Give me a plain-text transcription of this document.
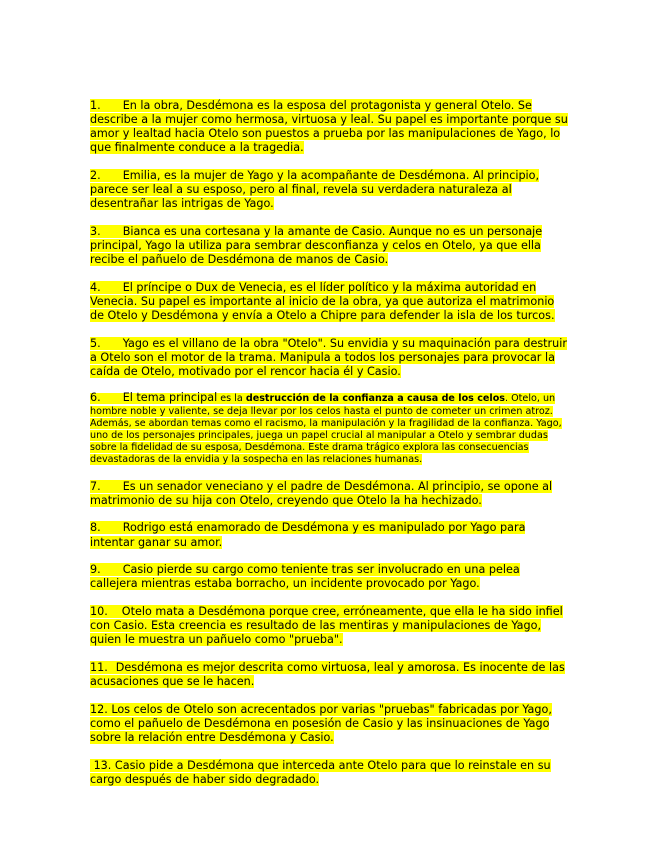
1. En la obra, Desdémona es la esposa del protagonista y general Otelo. Se describe a la mujer como hermosa, virtuosa y leal. Su papel es importante porque su amor y lealtad hacia Otelo son puestos a prueba por las manipulaciones de Yago, lo que finalmente conduce a la tragedia.

2. Emilia, es la mujer de Yago y la acompañante de Desdémona. Al principio, parece ser leal a su esposo, pero al final, revela su verdadera naturaleza al desentrañar las intrigas de Yago.

3. Bianca es una cortesana y la amante de Casio. Aunque no es un personaje principal, Yago la utiliza para sembrar desconfianza y celos en Otelo, ya que ella recibe el pañuelo de Desdémona de manos de Casio.

4. El príncipe o Dux de Venecia, es el líder político y la máxima autoridad en Venecia. Su papel es importante al inicio de la obra, ya que autoriza el matrimonio de Otelo y Desdémona y envía a Otelo a Chipre para defender la isla de los turcos.

5. Yago es el villano de la obra "Otelo". Su envidia y su maquinación para destruir a Otelo son el motor de la trama. Manipula a todos los personajes para provocar la caída de Otelo, motivado por el rencor hacia él y Casio.

6. El tema principal es la destrucción de la confianza a causa de los celos. Otelo, un hombre noble y valiente, se deja llevar por los celos hasta el punto de cometer un crimen atroz. Además, se abordan temas como el racismo, la manipulación y la fragilidad de la confianza. Yago, uno de los personajes principales, juega un papel crucial al manipular a Otelo y sembrar dudas sobre la fidelidad de su esposa, Desdémona. Este drama trágico explora las consecuencias devastadoras de la envidia y la sospecha en las relaciones humanas.

7. Es un senador veneciano y el padre de Desdémona. Al principio, se opone al matrimonio de su hija con Otelo, creyendo que Otelo la ha hechizado.

8. Rodrigo está enamorado de Desdémona y es manipulado por Yago para intentar ganar su amor.

9. Casio pierde su cargo como teniente tras ser involucrado en una pelea callejera mientras estaba borracho, un incidente provocado por Yago.

10. Otelo mata a Desdémona porque cree, erróneamente, que ella le ha sido infiel con Casio. Esta creencia es resultado de las mentiras y manipulaciones de Yago, quien le muestra un pañuelo como "prueba".

11. Desdémona es mejor descrita como virtuosa, leal y amorosa. Es inocente de las acusaciones que se le hacen.

12. Los celos de Otelo son acrecentados por varias "pruebas" fabricadas por Yago, como el pañuelo de Desdémona en posesión de Casio y las insinuaciones de Yago sobre la relación entre Desdémona y Casio.

13. Casio pide a Desdémona que interceda ante Otelo para que lo reinstale en su cargo después de haber sido degradado.
